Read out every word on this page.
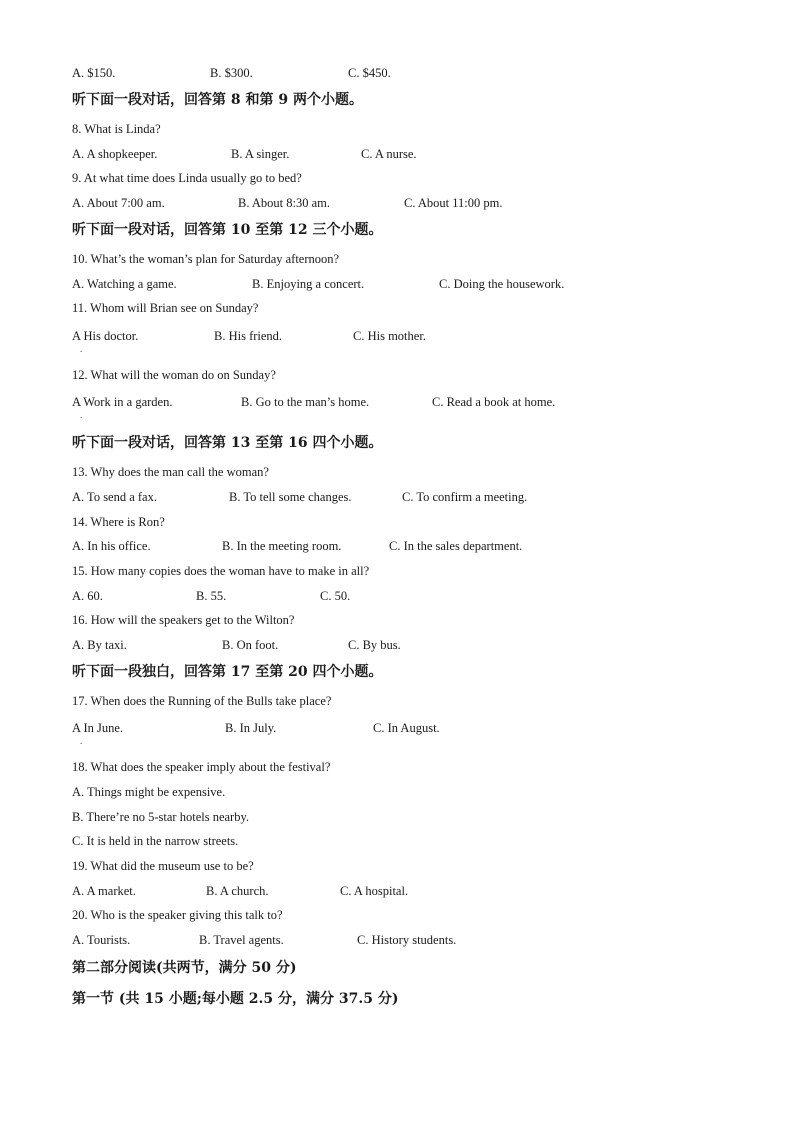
A. $150.	B. $300.	C. $450.
听下面一段对话，回答第 8 和第 9 两个小题。
8. What is Linda?
A. A shopkeeper.	B. A singer.	C. A nurse.
9. At what time does Linda usually go to bed?
A. About 7:00 am.	B. About 8:30 am.	C. About 11:00 pm.
听下面一段对话，回答第 10 至第 12 三个小题。
10. What’s the woman’s plan for Saturday afternoon?
A. Watching a game.	B. Enjoying a concert.	C. Doing the housework.
11. Whom will Brian see on Sunday?
A His doctor.
.
B. His friend.	C. His mother.
12. What will the woman do on Sunday?
A Work in a garden.
.
B. Go to the man’s home.	C. Read a book at home.
听下面一段对话，回答第 13 至第 16 四个小题。
13. Why does the man call the woman?
A. To send a fax.	B. To tell some changes.	C. To confirm a meeting.
14. Where is Ron?
A. In his office.	B. In the meeting room.	C. In the sales department.
15. How many copies does the woman have to make in all?
A. 60.	B. 55.	C. 50.
16. How will the speakers get to the Wilton?
A. By taxi.	B. On foot.	C. By bus.
听下面一段独白，回答第 17 至第 20 四个小题。
17. When does the Running of the Bulls take place?
A In June.
.
B. In July.	C. In August.
18. What does the speaker imply about the festival?
A. Things might be expensive.
B. There’re no 5-star hotels nearby.
C. It is held in the narrow streets.
19. What did the museum use to be?
A. A market.	B. A church.	C. A hospital.
20. Who is the speaker giving this talk to?
A. Tourists.	B. Travel agents.	C. History students.
第二部分阅读(共两节，满分 50 分)
第一节 (共 15 小题;每小题 2.5 分，满分 37.5 分)
